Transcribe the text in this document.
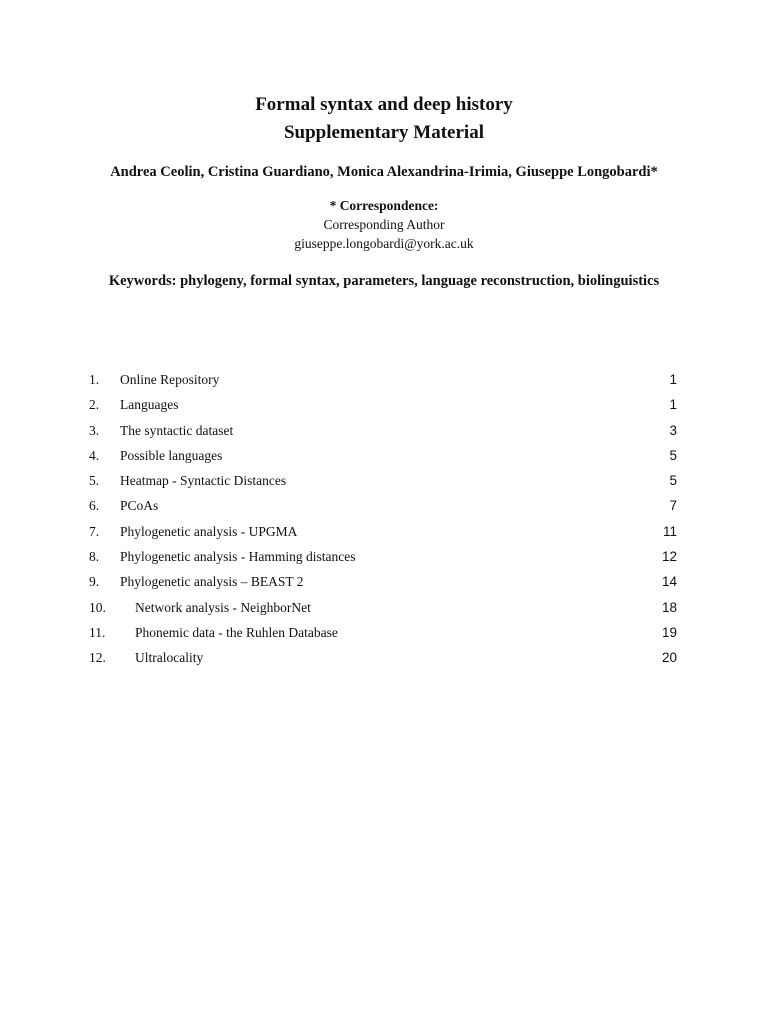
Formal syntax and deep history
Supplementary Material
Andrea Ceolin, Cristina Guardiano, Monica Alexandrina-Irimia, Giuseppe Longobardi*
* Correspondence:
Corresponding Author
giuseppe.longobardi@york.ac.uk
Keywords: phylogeny, formal syntax, parameters, language reconstruction, biolinguistics
1. Online Repository	1
2. Languages	1
3. The syntactic dataset	3
4. Possible languages	5
5. Heatmap - Syntactic Distances	5
6. PCoAs	7
7. Phylogenetic analysis - UPGMA	11
8. Phylogenetic analysis - Hamming distances	12
9. Phylogenetic analysis – BEAST 2	14
10. Network analysis - NeighborNet	18
11. Phonemic data - the Ruhlen Database	19
12. Ultralocality	20
